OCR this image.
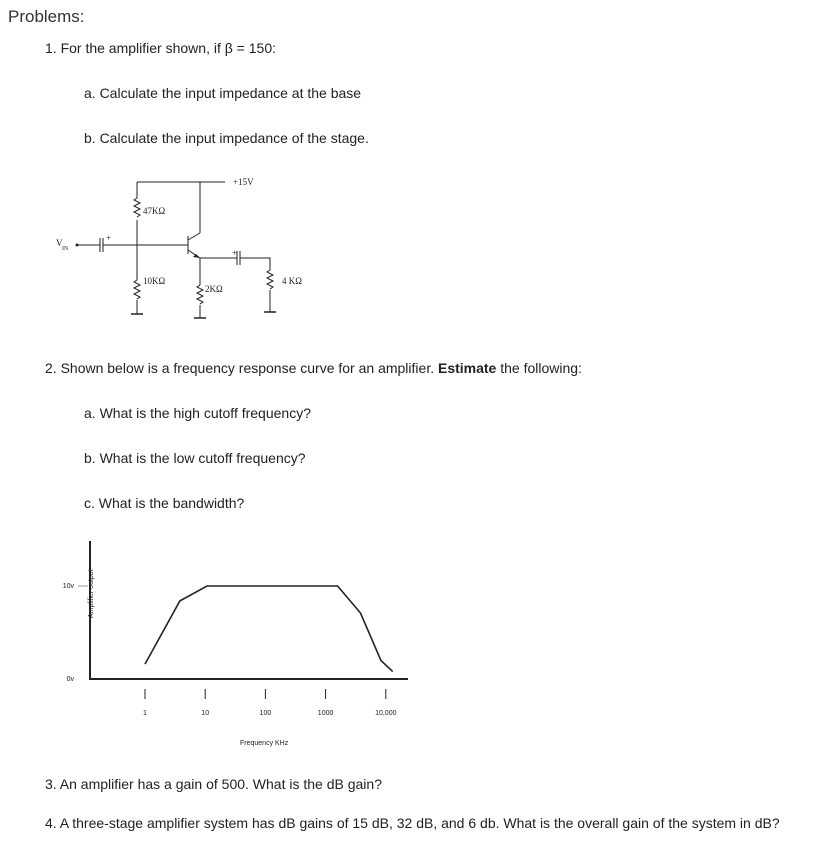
Problems:
1. For the amplifier shown, if β = 150:
a. Calculate the input impedance at the base
b. Calculate the input impedance of the stage.
+15V
V
IN
+
+
47KΩ
10KΩ
2KΩ
4 KΩ
Amplifier output
0v
10v
1	10	100	1000	10,000
Frequency KHz
2. Shown below is a frequency response curve for an amplifier. Estimate the following:
a. What is the high cutoff frequency?
b. What is the low cutoff frequency?
c. What is the bandwidth?
3. An amplifier has a gain of 500. What is the dB gain?
4. A three-stage amplifier system has dB gains of 15 dB, 32 dB, and 6 db. What is the overall gain of the system in dB?
